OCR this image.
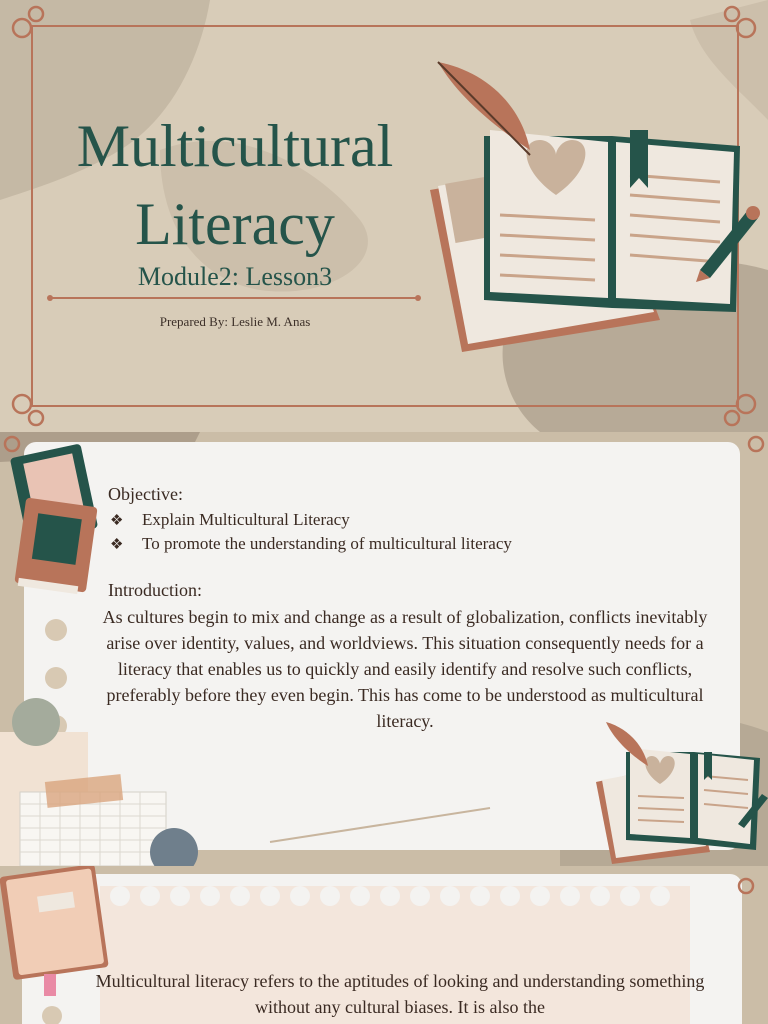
Multicultural
Literacy
Module2: Lesson3
Prepared By: Leslie M. Anas
Objective:
❖ Explain Multicultural Literacy
❖ To promote the understanding of multicultural literacy
Introduction:
As cultures begin to mix and change as a result of globalization, conflicts inevitably arise over identity, values, and worldviews. This situation consequently needs for a literacy that enables us to quickly and easily identify and resolve such conflicts, preferably before they even begin. This has come to be understood as multicultural literacy.
Multicultural literacy refers to the aptitudes of looking and understanding something without any cultural biases. It is also the
